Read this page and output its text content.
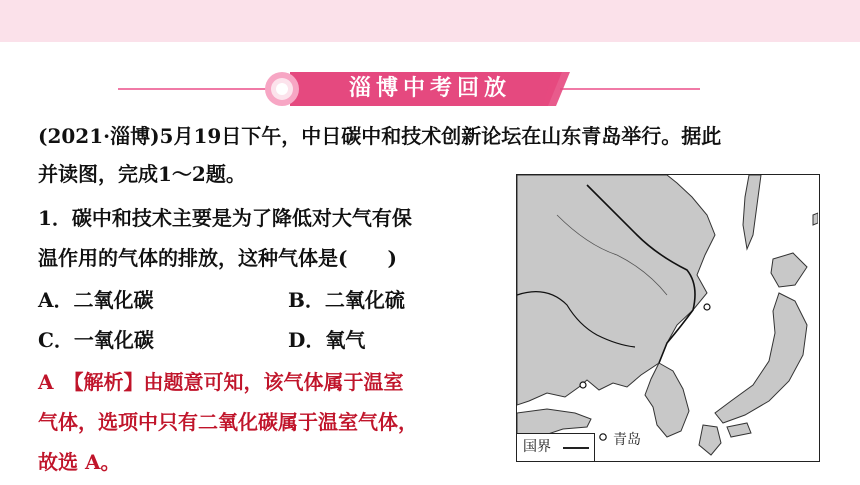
淄博中考回放
(2021·淄博)5月19日下午，中日碳中和技术创新论坛在山东青岛举行。据此
并读图，完成1～2题。
1．碳中和技术主要是为了降低对大气有保
温作用的气体的排放，这种气体是(　　)
A．二氧化碳	B．二氧化硫
C．一氧化碳	D．氧气
A　【解析】由题意可知，该气体属于温室
气体，选项中只有二氧化碳属于温室气体，
故选 A。
青岛
国界
